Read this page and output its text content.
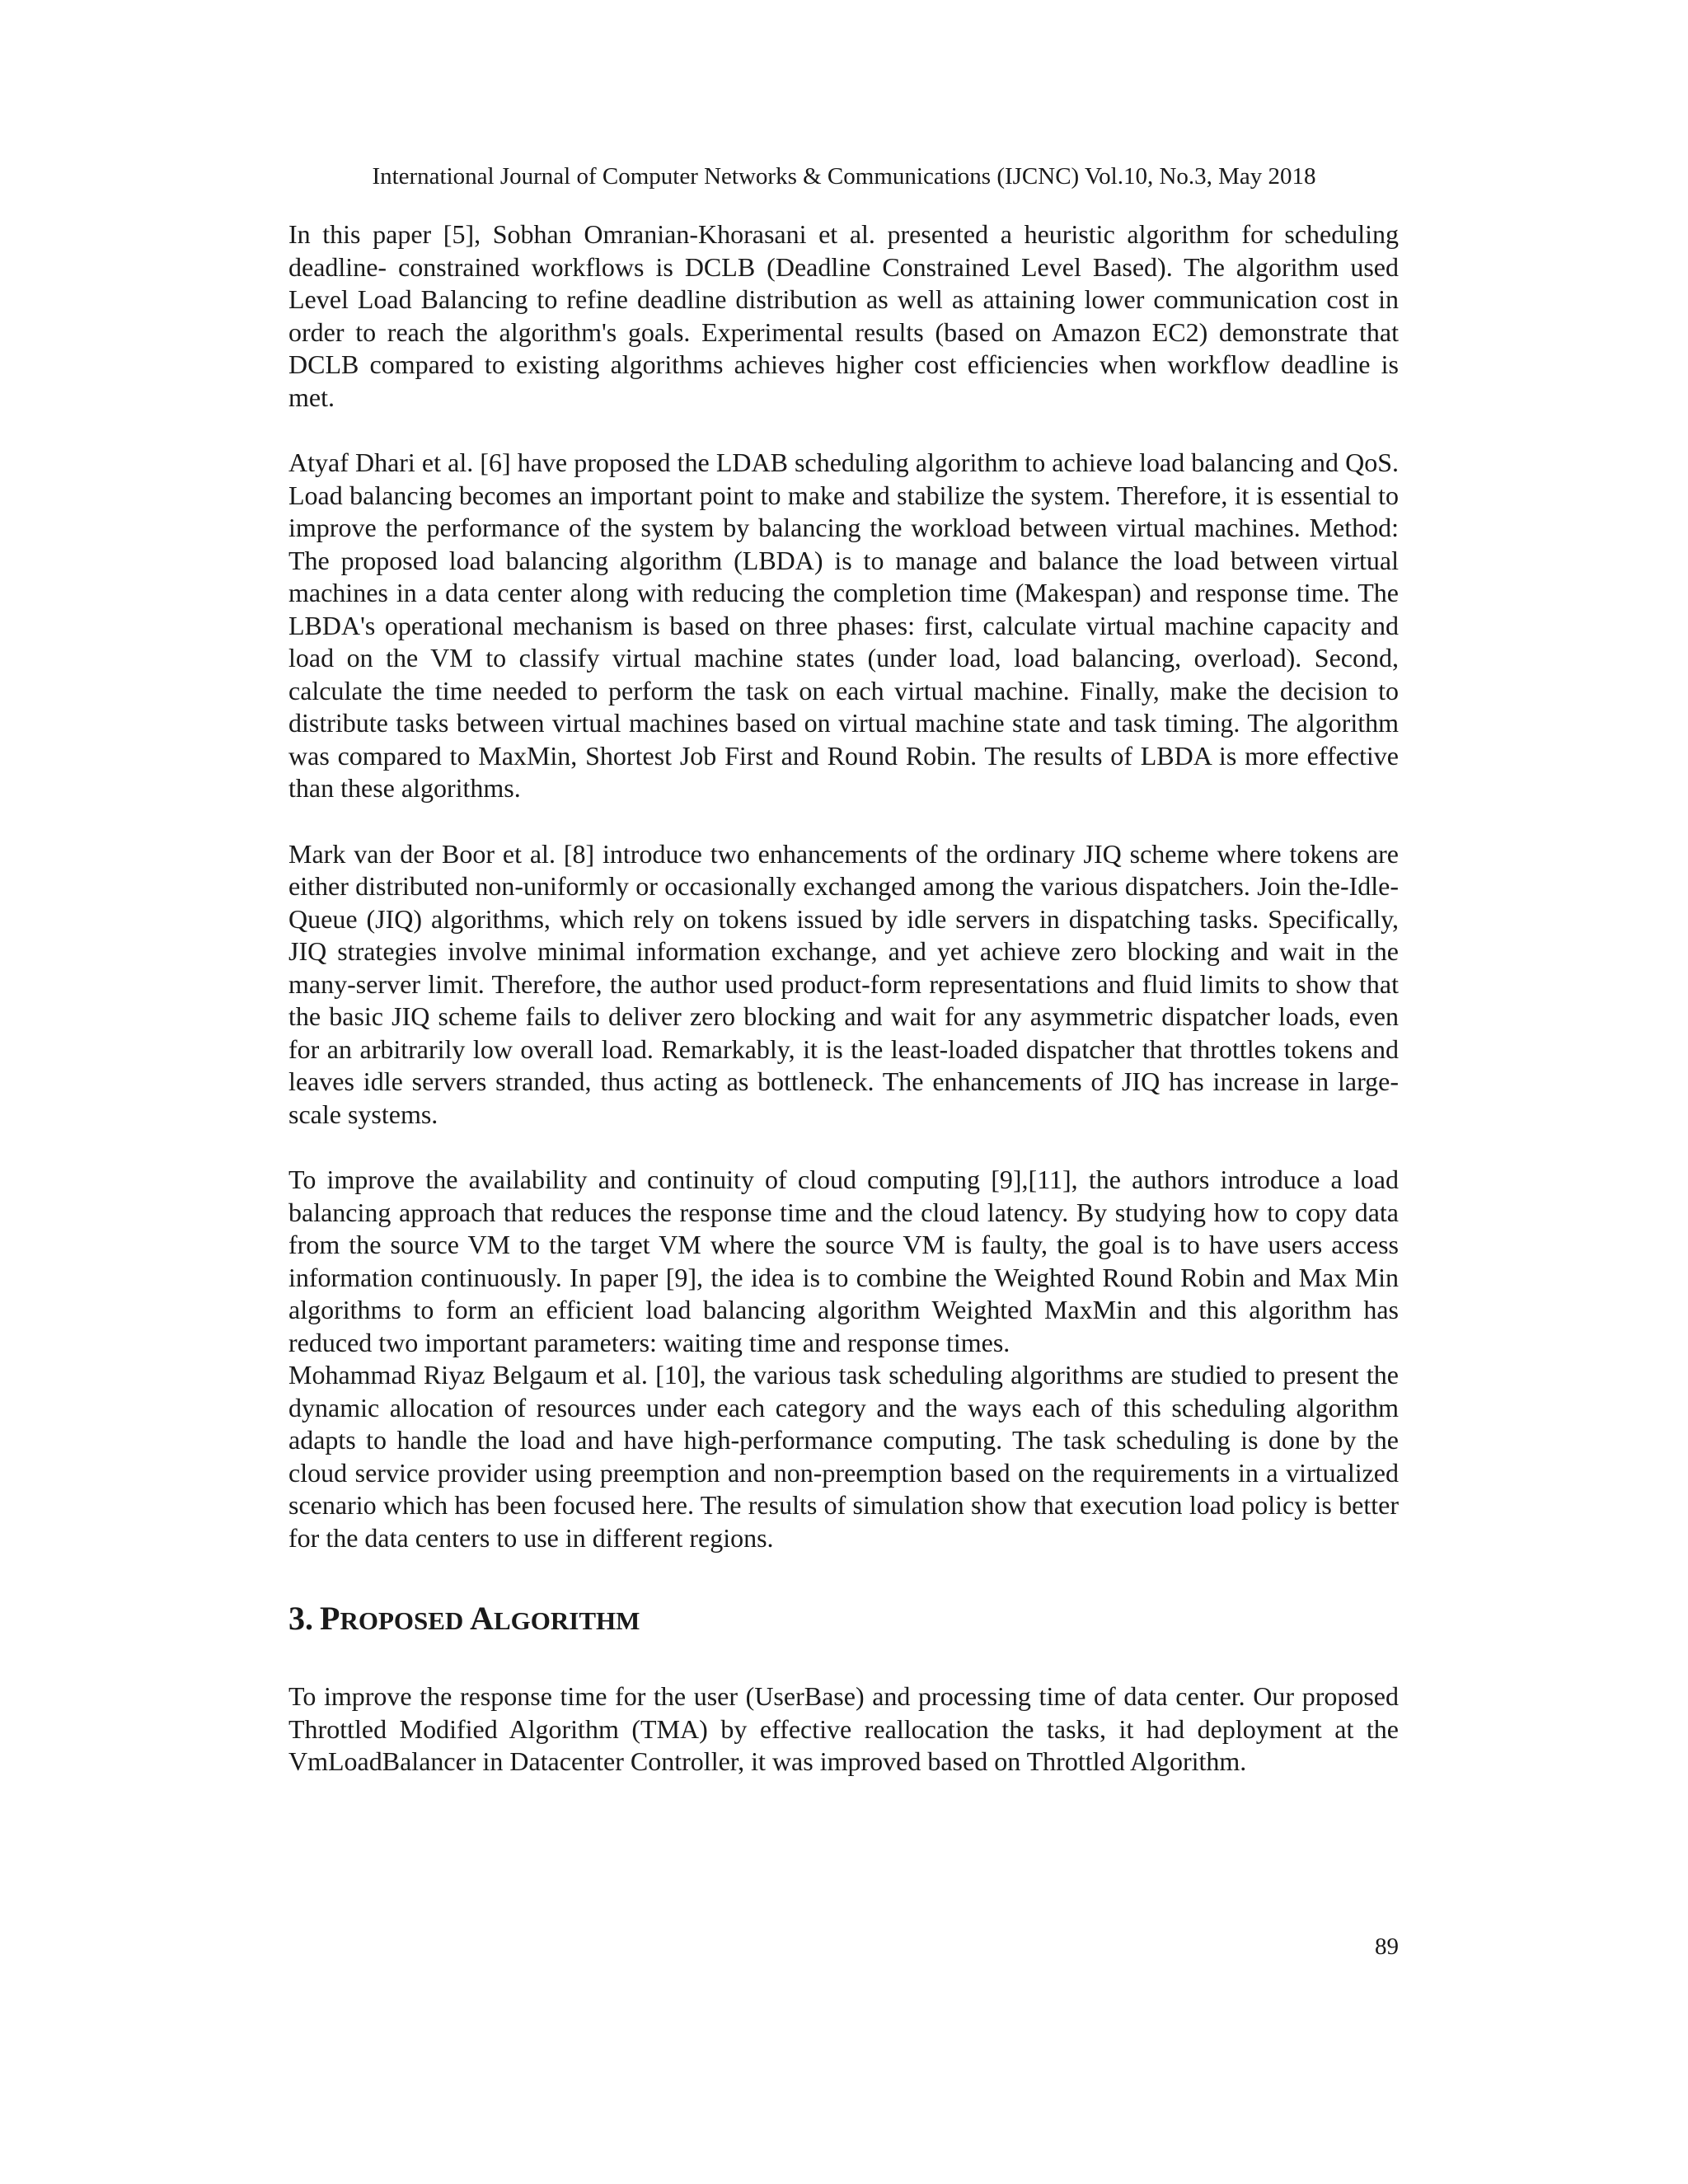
International Journal of Computer Networks & Communications (IJCNC) Vol.10, No.3, May 2018

In this paper [5], Sobhan Omranian-Khorasani et al. presented a heuristic algorithm for scheduling deadline- constrained workflows is DCLB (Deadline Constrained Level Based). The algorithm used Level Load Balancing to refine deadline distribution as well as attaining lower communication cost in order to reach the algorithm's goals. Experimental results (based on Amazon EC2) demonstrate that DCLB compared to existing algorithms achieves higher cost efficiencies when workflow deadline is met.

Atyaf Dhari et al. [6] have proposed the LDAB scheduling algorithm to achieve load balancing and QoS. Load balancing becomes an important point to make and stabilize the system. Therefore, it is essential to improve the performance of the system by balancing the workload between virtual machines. Method: The proposed load balancing algorithm (LBDA) is to manage and balance the load between virtual machines in a data center along with reducing the completion time (Makespan) and response time. The LBDA's operational mechanism is based on three phases: first, calculate virtual machine capacity and load on the VM to classify virtual machine states (under load, load balancing, overload). Second, calculate the time needed to perform the task on each virtual machine. Finally, make the decision to distribute tasks between virtual machines based on virtual machine state and task timing. The algorithm was compared to MaxMin, Shortest Job First and Round Robin. The results of LBDA is more effective than these algorithms.

Mark van der Boor et al. [8] introduce two enhancements of the ordinary JIQ scheme where tokens are either distributed non-uniformly or occasionally exchanged among the various dispatchers. Join the-Idle-Queue (JIQ) algorithms, which rely on tokens issued by idle servers in dispatching tasks. Specifically, JIQ strategies involve minimal information exchange, and yet achieve zero blocking and wait in the many-server limit. Therefore, the author used product-form representations and fluid limits to show that the basic JIQ scheme fails to deliver zero blocking and wait for any asymmetric dispatcher loads, even for an arbitrarily low overall load. Remarkably, it is the least-loaded dispatcher that throttles tokens and leaves idle servers stranded, thus acting as bottleneck. The enhancements of JIQ has increase in large-scale systems.

To improve the availability and continuity of cloud computing [9],[11], the authors introduce a load balancing approach that reduces the response time and the cloud latency. By studying how to copy data from the source VM to the target VM where the source VM is faulty, the goal is to have users access information continuously. In paper [9], the idea is to combine the Weighted Round Robin and Max Min algorithms to form an efficient load balancing algorithm Weighted MaxMin and this algorithm has reduced two important parameters: waiting time and response times.

Mohammad Riyaz Belgaum et al. [10], the various task scheduling algorithms are studied to present the dynamic allocation of resources under each category and the ways each of this scheduling algorithm adapts to handle the load and have high-performance computing. The task scheduling is done by the cloud service provider using preemption and non-preemption based on the requirements in a virtualized scenario which has been focused here. The results of simulation show that execution load policy is better for the data centers to use in different regions.

3. PROPOSED ALGORITHM

To improve the response time for the user (UserBase) and processing time of data center. Our proposed Throttled Modified Algorithm (TMA) by effective reallocation the tasks, it had deployment at the VmLoadBalancer in Datacenter Controller, it was improved based on Throttled Algorithm.

89
